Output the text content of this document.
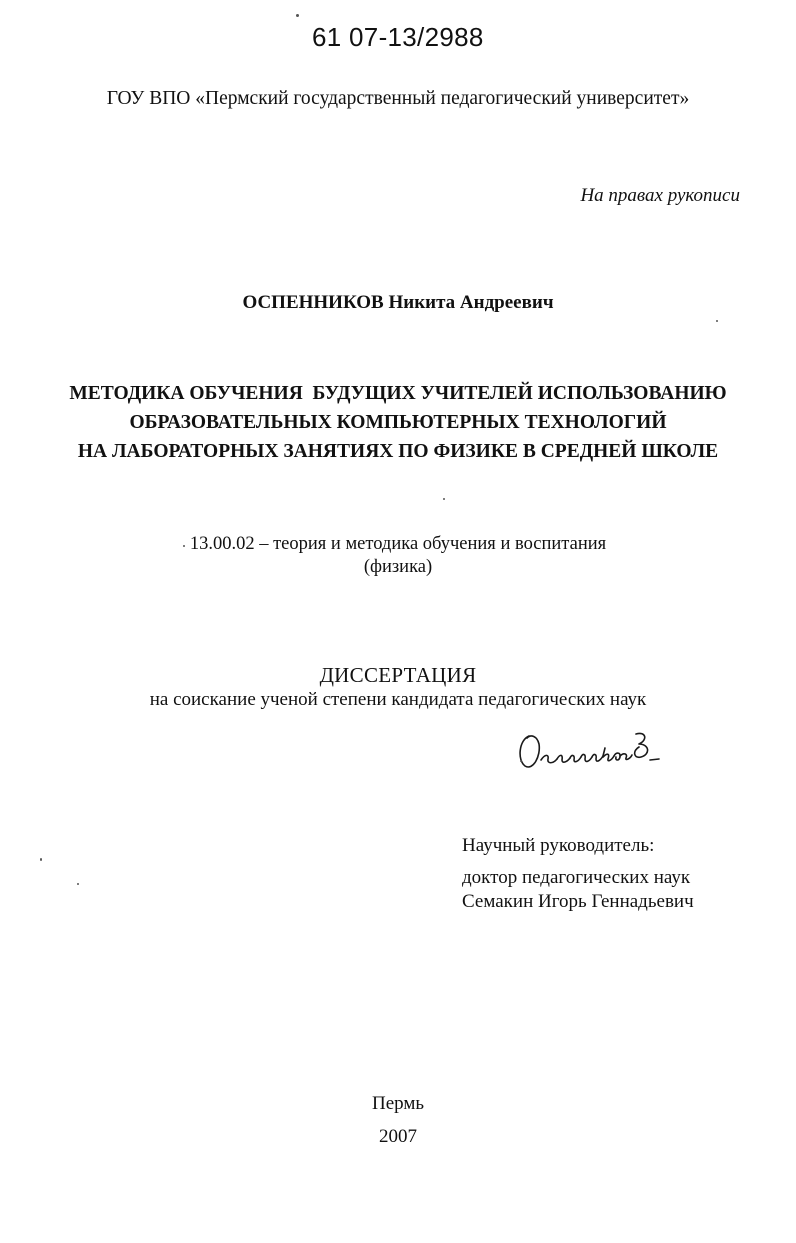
61 07-13/2988
ГОУ ВПО «Пермский государственный педагогический университет»
На правах рукописи
ОСПЕННИКОВ Никита Андреевич
МЕТОДИКА ОБУЧЕНИЯ  БУДУЩИХ УЧИТЕЛЕЙ ИСПОЛЬЗОВАНИЮ
ОБРАЗОВАТЕЛЬНЫХ КОМПЬЮТЕРНЫХ ТЕХНОЛОГИЙ
НА ЛАБОРАТОРНЫХ ЗАНЯТИЯХ ПО ФИЗИКЕ В СРЕДНЕЙ ШКОЛЕ
13.00.02 – теория и методика обучения и воспитания
(физика)
ДИССЕРТАЦИЯ
на соискание ученой степени кандидата педагогических наук
Научный руководитель:
доктор педагогических наук
Семакин Игорь Геннадьевич
Пермь
2007
